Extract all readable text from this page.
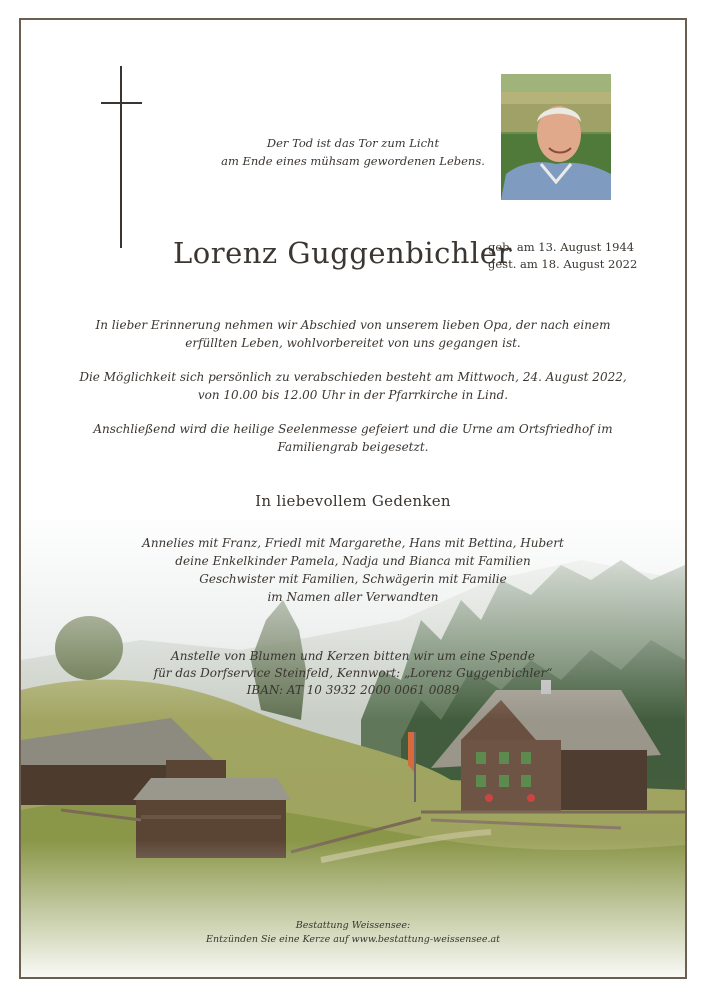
Der Tod ist das Tor zum Licht

am Ende eines mühsam gewordenen Lebens.

Lorenz Guggenbichler
geb. am 13. August 1944
gest. am 18. August 2022
In lieber Erinnerung nehmen wir Abschied von unserem lieben Opa, der nach einem
erfüllten Leben, wohlvorbereitet von uns gegangen ist.
Die Möglichkeit sich persönlich zu verabschieden besteht am Mittwoch, 24. August 2022,
von 10.00 bis 12.00 Uhr in der Pfarrkirche in Lind.
Anschließend wird die heilige Seelenmesse gefeiert und die Urne am Ortsfriedhof im
Familiengrab beigesetzt.
In liebevollem Gedenken
Annelies mit Franz, Friedl mit Margarethe, Hans mit Bettina, Hubert
deine Enkelkinder Pamela, Nadja und Bianca mit Familien
Geschwister mit Familien, Schwägerin mit Familie
im Namen aller Verwandten
Anstelle von Blumen und Kerzen bitten wir um eine Spende
für das Dorfservice Steinfeld, Kennwort: „Lorenz Guggenbichler“
IBAN: AT 10 3932 2000 0061 0089
Bestattung Weissensee:
Entzünden Sie eine Kerze auf www.bestattung-weissensee.at
